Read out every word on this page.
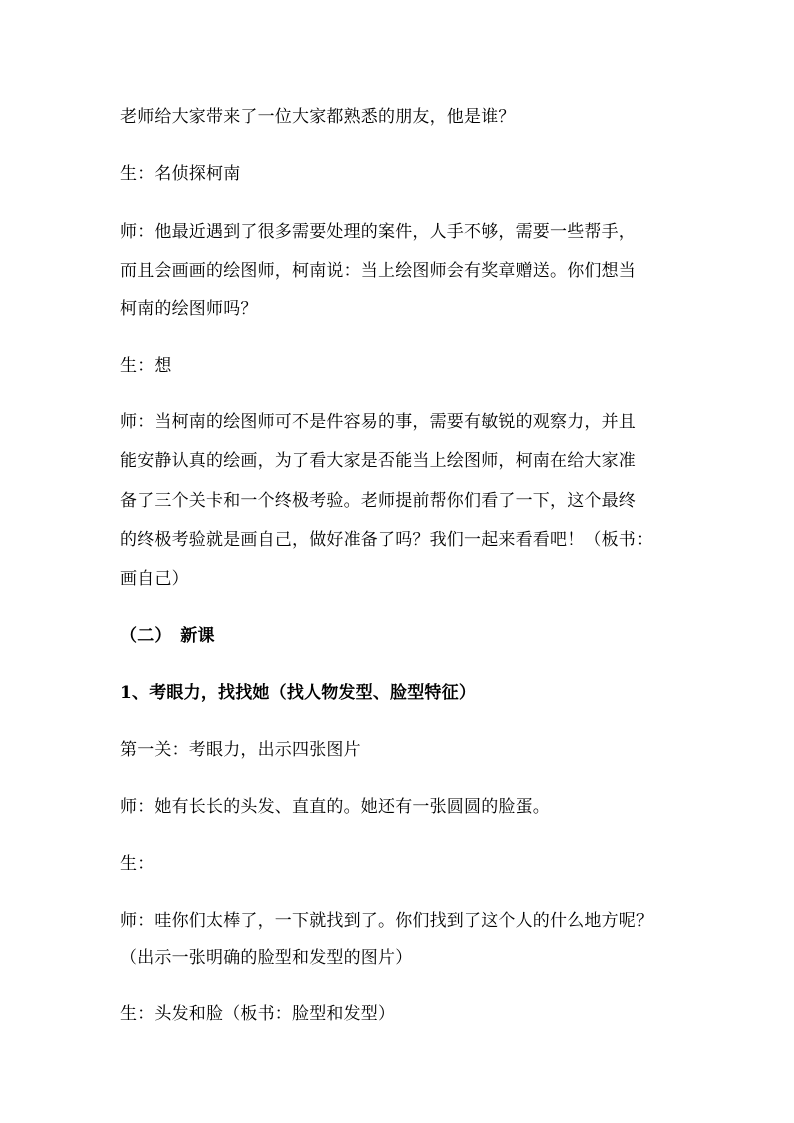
老师给大家带来了一位大家都熟悉的朋友，他是谁？
生：名侦探柯南
师：他最近遇到了很多需要处理的案件，人手不够，需要一些帮手，
而且会画画的绘图师，柯南说：当上绘图师会有奖章赠送。你们想当
柯南的绘图师吗？
生：想
师：当柯南的绘图师可不是件容易的事，需要有敏锐的观察力，并且
能安静认真的绘画，为了看大家是否能当上绘图师，柯南在给大家准
备了三个关卡和一个终极考验。老师提前帮你们看了一下，这个最终
的终极考验就是画自己，做好准备了吗？我们一起来看看吧！（板书：
画自己）
（二）　新课
1、考眼力，找找她（找人物发型、脸型特征）
第一关：考眼力，出示四张图片
师：她有长长的头发、直直的。她还有一张圆圆的脸蛋。
生：
师：哇你们太棒了，一下就找到了。你们找到了这个人的什么地方呢？
（出示一张明确的脸型和发型的图片）
生：头发和脸（板书：脸型和发型）
